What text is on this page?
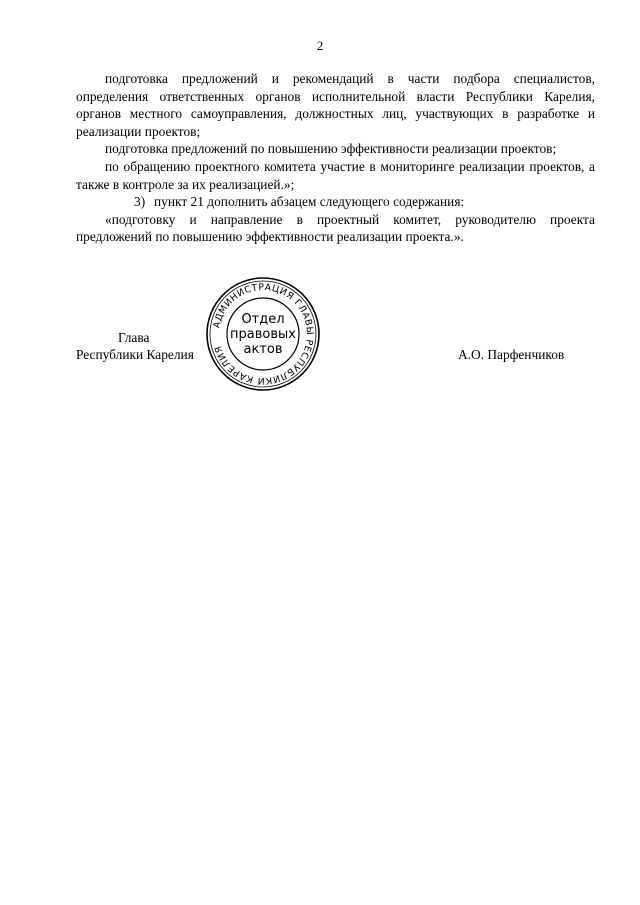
2

подготовка предложений и рекомендаций в части подбора специалистов, определения ответственных органов исполнительной власти Республики Карелия, органов местного самоуправления, должностных лиц, участвующих в разработке и реализации проектов;

подготовка предложений по повышению эффективности реализации проектов;

по обращению проектного комитета участие в мониторинге реализации проектов, а также в контроле за их реализацией.»;

3) пункт 21 дополнить абзацем следующего содержания:

«подготовку и направление в проектный комитет, руководителю проекта предложений по повышению эффективности реализации проекта.».

Глава
Республики Карелия	А.О. Парфенчиков
АДМИНИСТРАЦИЯ ГЛАВЫ РЕСПУБЛИКИ КАРЕЛИЯ
Отдел
правовых
актов
